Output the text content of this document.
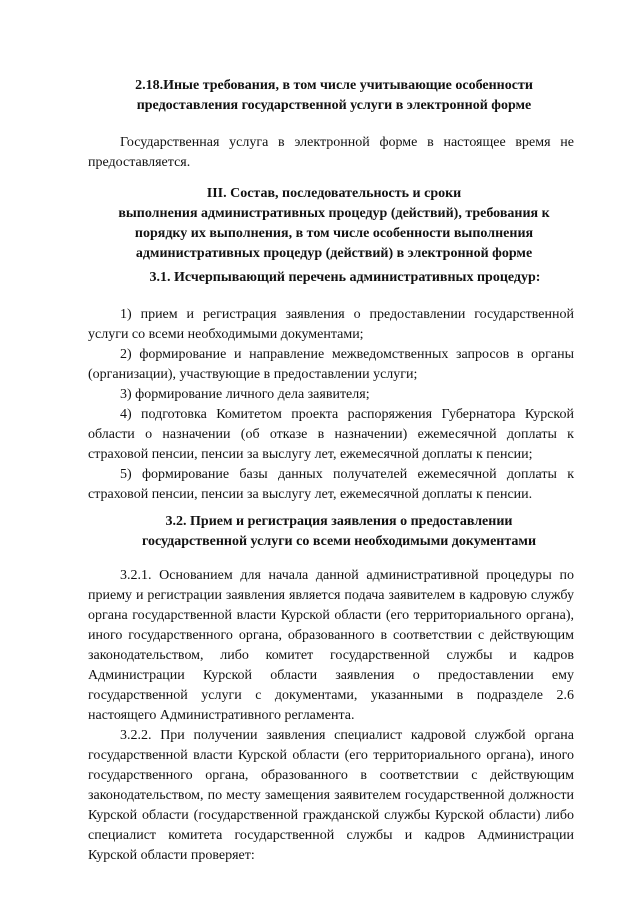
2.18.Иные требования, в том числе учитывающие особенности
предоставления государственной услуги в электронной форме
Государственная услуга в электронной форме в настоящее время не предоставляется.
III. Состав, последовательность и сроки
выполнения административных процедур (действий), требования к
порядку их выполнения, в том числе особенности выполнения
административных процедур (действий) в электронной форме
3.1. Исчерпывающий перечень административных процедур:
1) прием и регистрация заявления о предоставлении государственной услуги со всеми необходимыми документами;
2) формирование и направление межведомственных запросов в органы (организации), участвующие в предоставлении услуги;
3) формирование личного дела заявителя;
4) подготовка Комитетом проекта распоряжения Губернатора Курской области о назначении (об отказе в назначении) ежемесячной доплаты к страховой пенсии, пенсии за выслугу лет, ежемесячной доплаты к пенсии;
5) формирование базы данных получателей ежемесячной доплаты к страховой пенсии, пенсии за выслугу лет, ежемесячной доплаты к пенсии.
3.2. Прием и регистрация заявления о предоставлении
государственной услуги со всеми необходимыми документами
3.2.1. Основанием для начала данной административной процедуры по приему и регистрации заявления является подача заявителем в кадровую службу органа государственной власти Курской области (его территориального органа), иного государственного органа, образованного в соответствии с действующим законодательством, либо комитет государственной службы и кадров Администрации Курской области заявления о предоставлении ему государственной услуги с документами, указанными в подразделе 2.6 настоящего Административного регламента.
3.2.2. При получении заявления специалист кадровой службой органа государственной власти Курской области (его территориального органа), иного государственного органа, образованного в соответствии с действующим законодательством, по месту замещения заявителем государственной должности Курской области (государственной гражданской службы Курской области) либо специалист комитета государственной службы и кадров Администрации Курской области проверяет:
